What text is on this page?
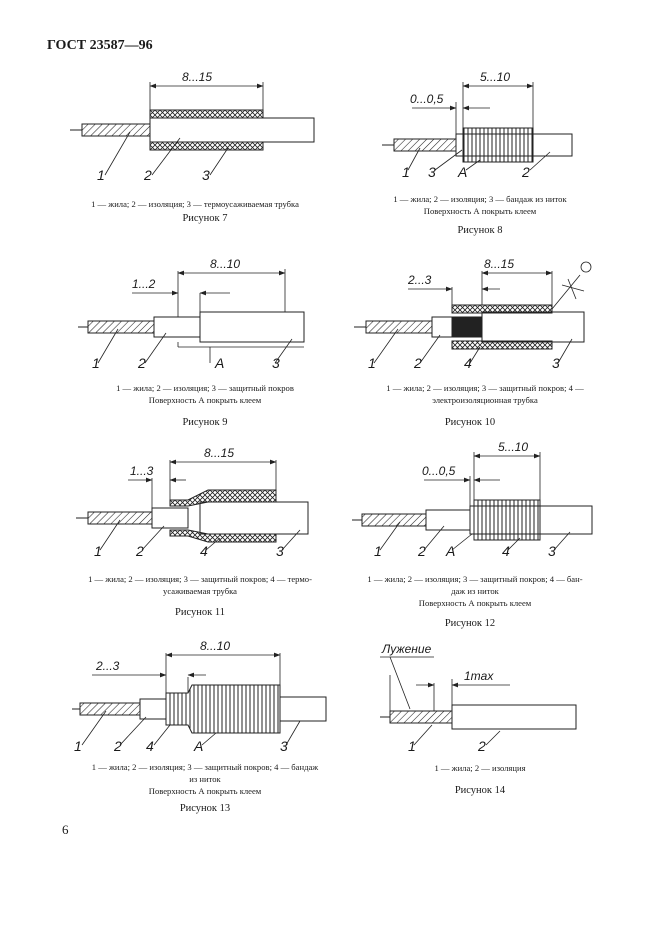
ГОСТ 23587—96
8...15
1	2	3
1 — жила; 2 — изоляция; 3 — термоусаживаемая трубка
Рисунок 7
5...10
0...0,5
1 3 A	2
1 — жила; 2 — изоляция; 3 — бандаж из ниток
Поверхность А покрыть клеем
Рисунок 8
8...10
1...2
1	2	A	3
1 — жила; 2 — изоляция; 3 — защитный покров
Поверхность А покрыть клеем
Рисунок 9
8...15
2...3
1	2	4	3
1 — жила; 2 — изоляция; 3 — защитный покров; 4 —
электроизоляционная трубка
Рисунок 10
8...15
1...3
1 2	4	3
1 — жила; 2 — изоляция; 3 — защитный покров; 4 — термо-
усаживаемая трубка
Рисунок 11
5...10
0...0,5
1	2 A	4	3
1 — жила; 2 — изоляция; 3 — защитный покров; 4 — бан-
даж из ниток
Поверхность А покрыть клеем
Рисунок 12
8...10
2...3
1 2 4	A	3
1 — жила; 2 — изоляция; 3 — защитный покров; 4 — бандаж
из ниток
Поверхность А покрыть клеем
Рисунок 13
Лужение
1max
1	2
1 — жила; 2 — изоляция
Рисунок 14
6
